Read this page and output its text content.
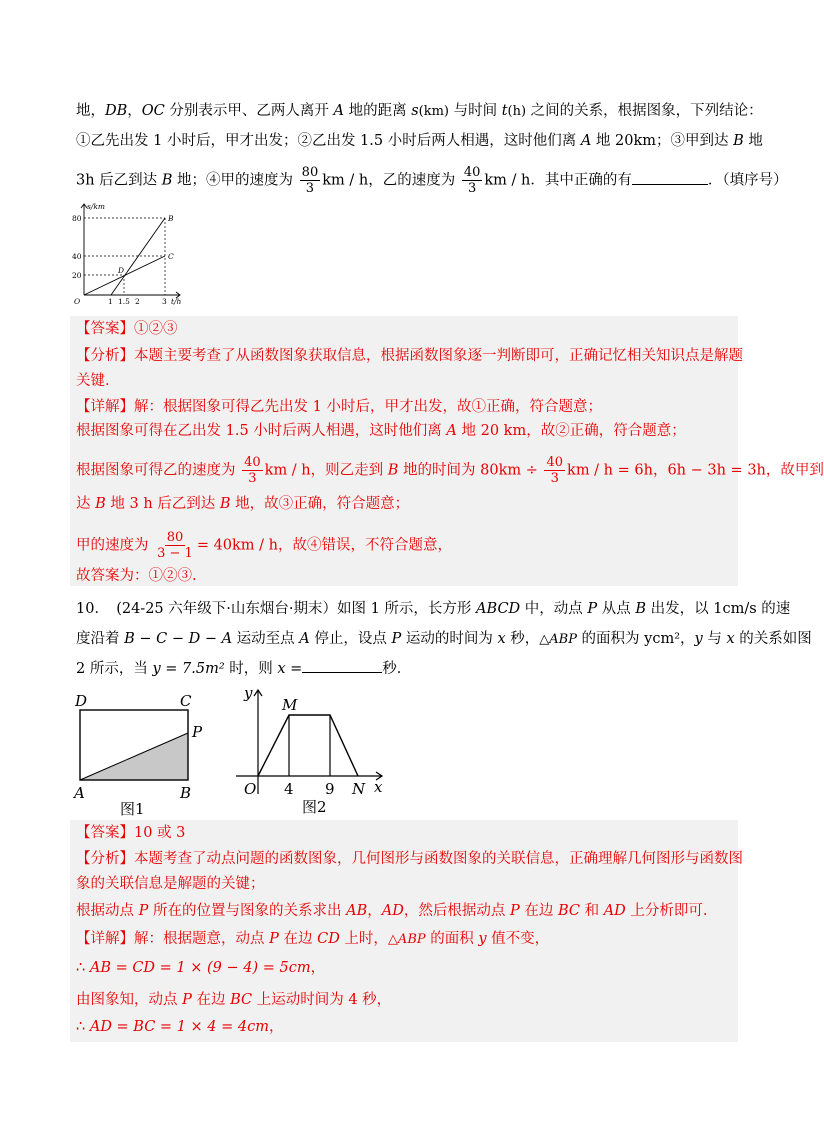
地，DB，OC 分别表示甲、乙两人离开 A 地的距离 s(km) 与时间 t(h) 之间的关系，根据图象，下列结论：
①乙先出发 1 小时后，甲才出发；②乙出发 1.5 小时后两人相遇，这时他们离 A 地 20km；③甲到达 B 地
3h 后乙到达 B 地；④甲的速度为 $\frac{80}{3}$ km / h，乙的速度为 $\frac{40}{3}$ km / h．其中正确的有	．（填序号）
s/km
t/h
O
80
40
20
1 1.5 2	3
B
C
D
【答案】①②③
【分析】本题主要考查了从函数图象获取信息，根据函数图象逐一判断即可，正确记忆相关知识点是解题
关键．
【详解】解：根据图象可得乙先出发 1 小时后，甲才出发，故①正确，符合题意；
根据图象可得在乙出发 1.5 小时后两人相遇，这时他们离 A 地 20 km，故②正确，符合题意；
根据图象可得乙的速度为 $\frac{40}{3}$ km / h，则乙走到 B 地的时间为 $80km \div \frac{40}{3}$ km / h = 6h，6h − 3h = 3h，故甲到
达 B 地 3 h 后乙到达 B 地，故③正确，符合题意；
甲的速度为 $\frac{80}{3 - 1} = 40km / h$，故④错误，不符合题意，
故答案为：①②③.
10．　(24-25 六年级下·山东烟台·期末）如图 1 所示，长方形 ABCD 中，动点 P 从点 B 出发，以 1cm/s 的速
度沿着 B − C − D − A 运动至点 A 停止，设点 P 运动的时间为 x 秒，△ABP 的面积为 ycm²，y 与 x 的关系如图
2 所示，当 y = 7.5m² 时，则 x =	秒．
D	C
P
A	B
图1
y
M
O 4 9 N x
图2
【答案】10 或 3
【分析】本题考查了动点问题的函数图象，几何图形与函数图象的关联信息，正确理解几何图形与函数图
象的关联信息是解题的关键；
根据动点 P 所在的位置与图象的关系求出 AB，AD，然后根据动点 P 在边 BC 和 AD 上分析即可.
【详解】解：根据题意，动点 P 在边 CD 上时，△ABP 的面积 y 值不变，
∴ AB = CD = 1 × (9 − 4) = 5cm，
由图象知，动点 P 在边 BC 上运动时间为 4 秒，
∴ AD = BC = 1 × 4 = 4cm，
